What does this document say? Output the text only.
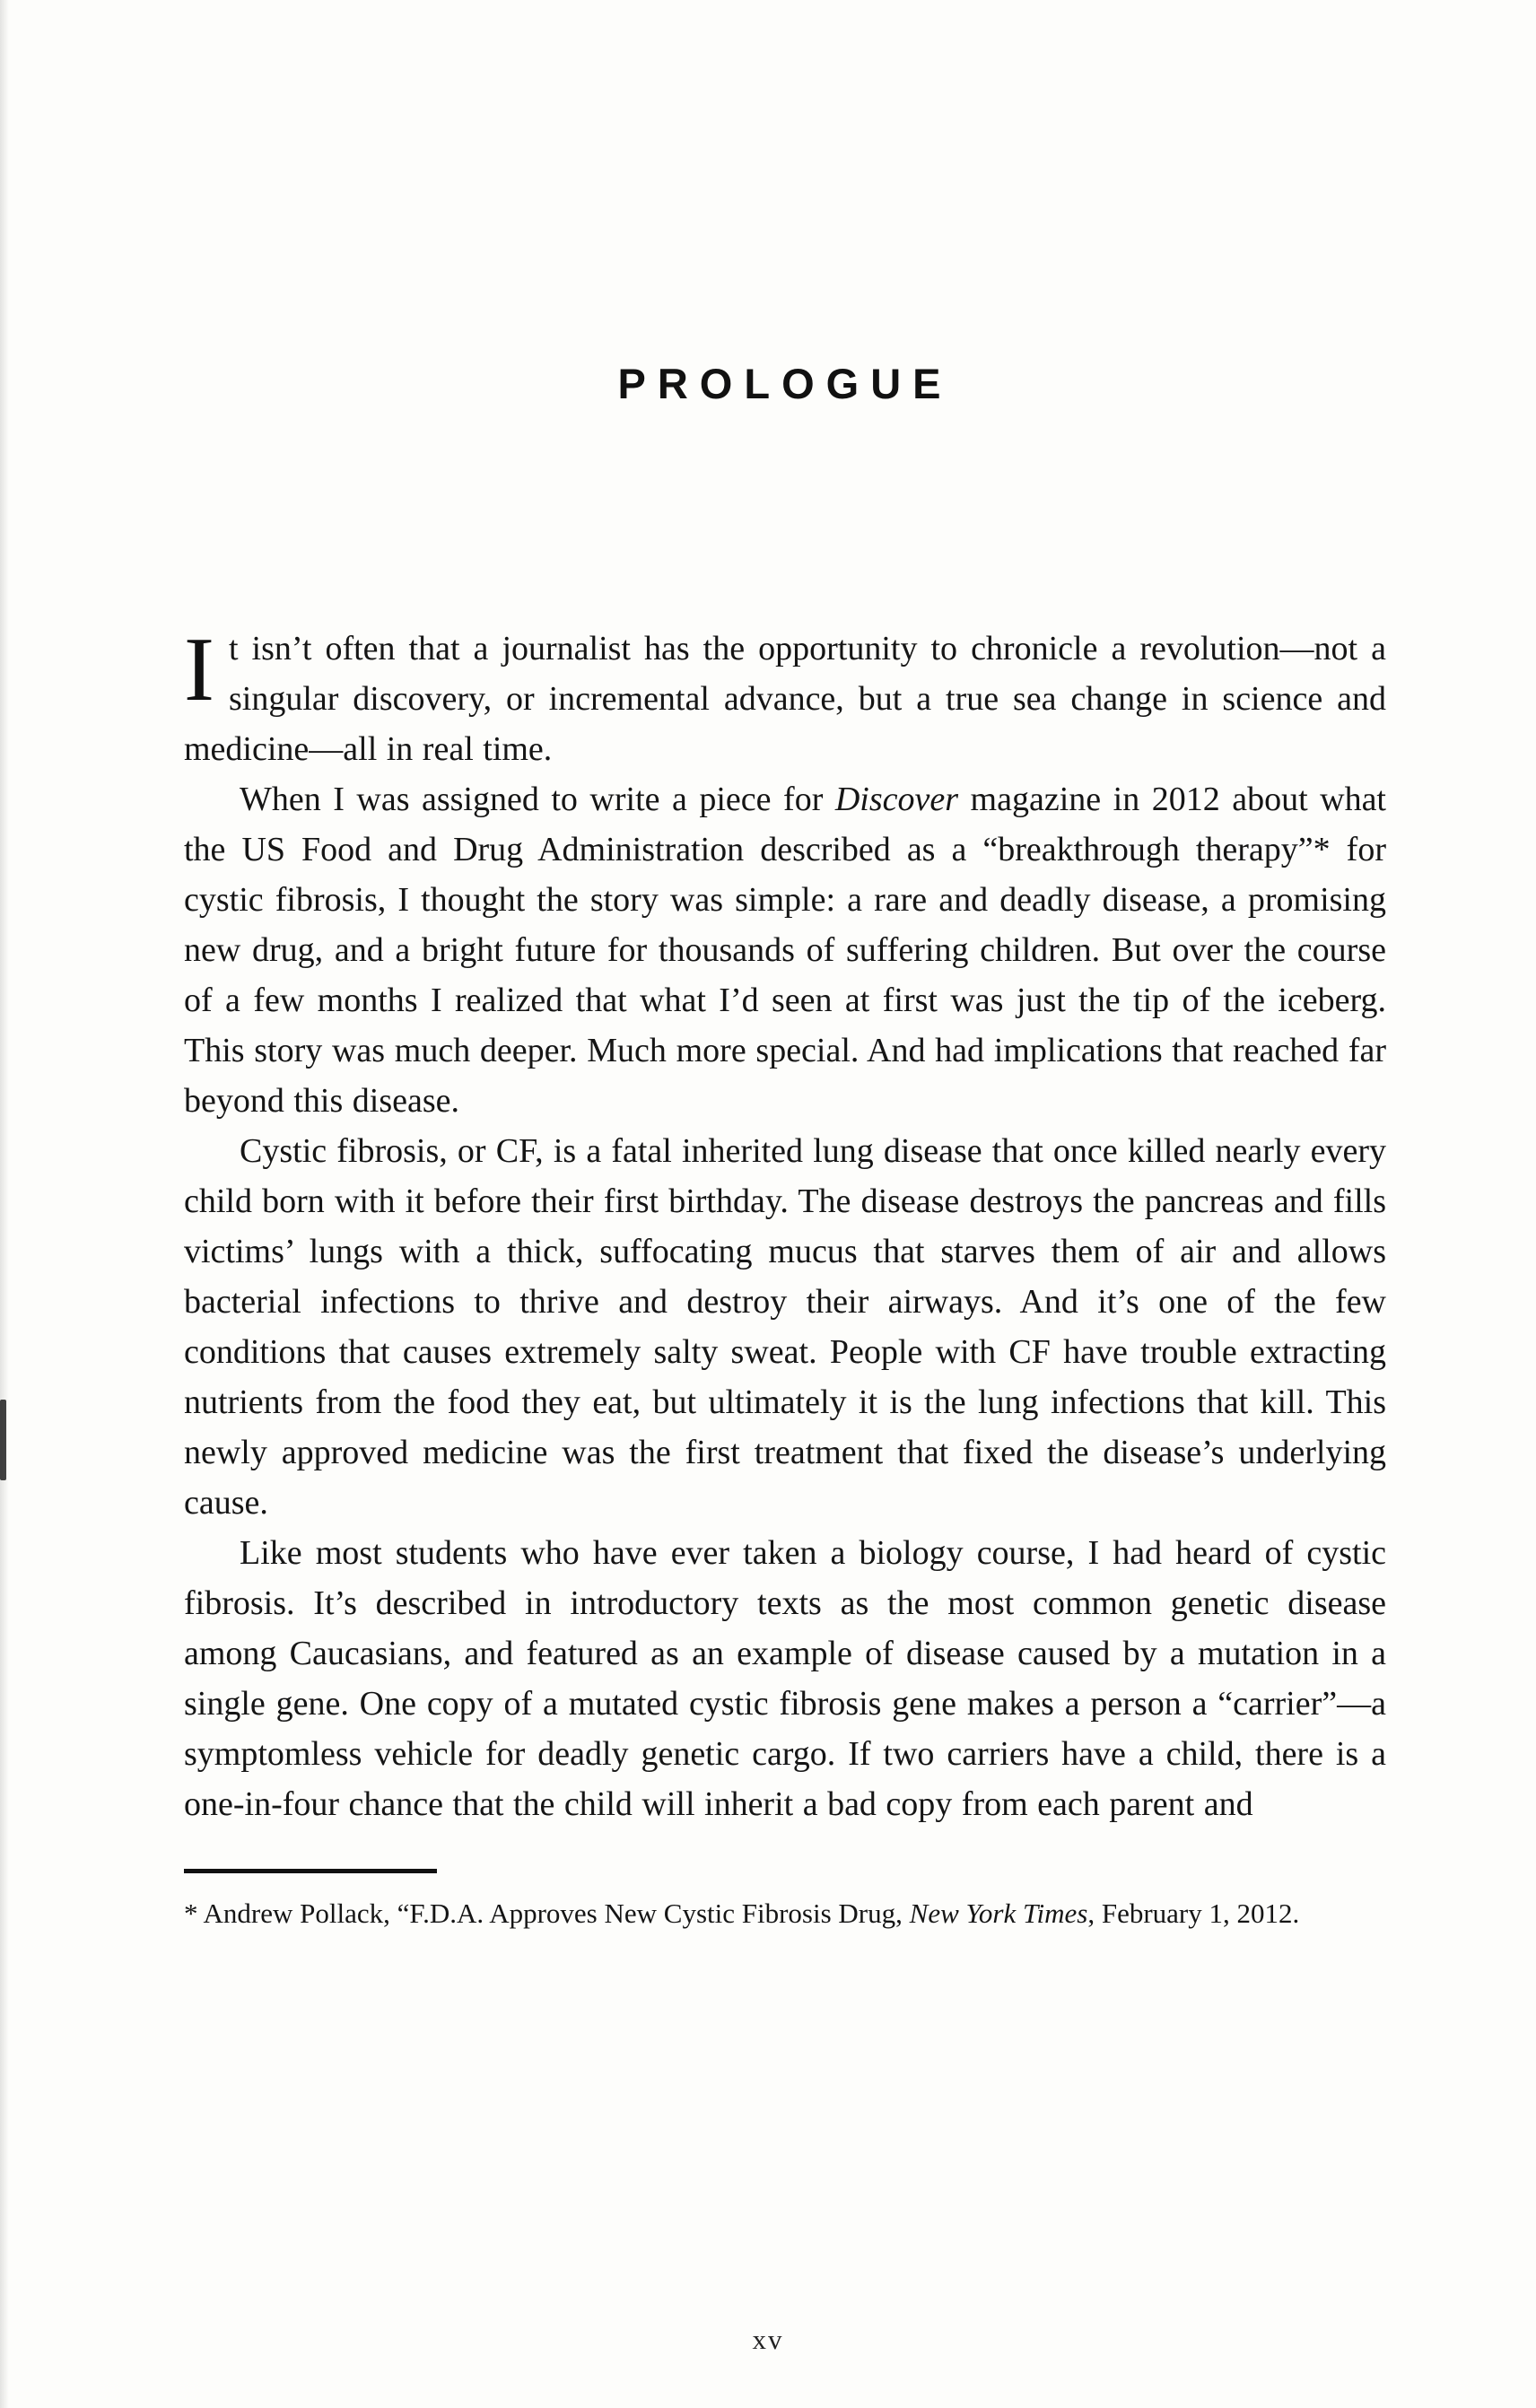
PROLOGUE

It isn’t often that a journalist has the opportunity to chronicle a revolution—not a singular discovery, or incremental advance, but a true sea change in science and medicine—all in real time.

When I was assigned to write a piece for Discover magazine in 2012 about what the US Food and Drug Administration described as a “breakthrough therapy”* for cystic fibrosis, I thought the story was simple: a rare and deadly disease, a promising new drug, and a bright future for thousands of suffering children. But over the course of a few months I realized that what I’d seen at first was just the tip of the iceberg. This story was much deeper. Much more special. And had implications that reached far beyond this disease.

Cystic fibrosis, or CF, is a fatal inherited lung disease that once killed nearly every child born with it before their first birthday. The disease destroys the pancreas and fills victims’ lungs with a thick, suffocating mucus that starves them of air and allows bacterial infections to thrive and destroy their airways. And it’s one of the few conditions that causes extremely salty sweat. People with CF have trouble extracting nutrients from the food they eat, but ultimately it is the lung infections that kill. This newly approved medicine was the first treatment that fixed the disease’s underlying cause.

Like most students who have ever taken a biology course, I had heard of cystic fibrosis. It’s described in introductory texts as the most common genetic disease among Caucasians, and featured as an example of disease caused by a mutation in a single gene. One copy of a mutated cystic fibrosis gene makes a person a “carrier”—a symptomless vehicle for deadly genetic cargo. If two carriers have a child, there is a one-in-four chance that the child will inherit a bad copy from each parent and

* Andrew Pollack, “F.D.A. Approves New Cystic Fibrosis Drug, New York Times, February 1, 2012.

xv
